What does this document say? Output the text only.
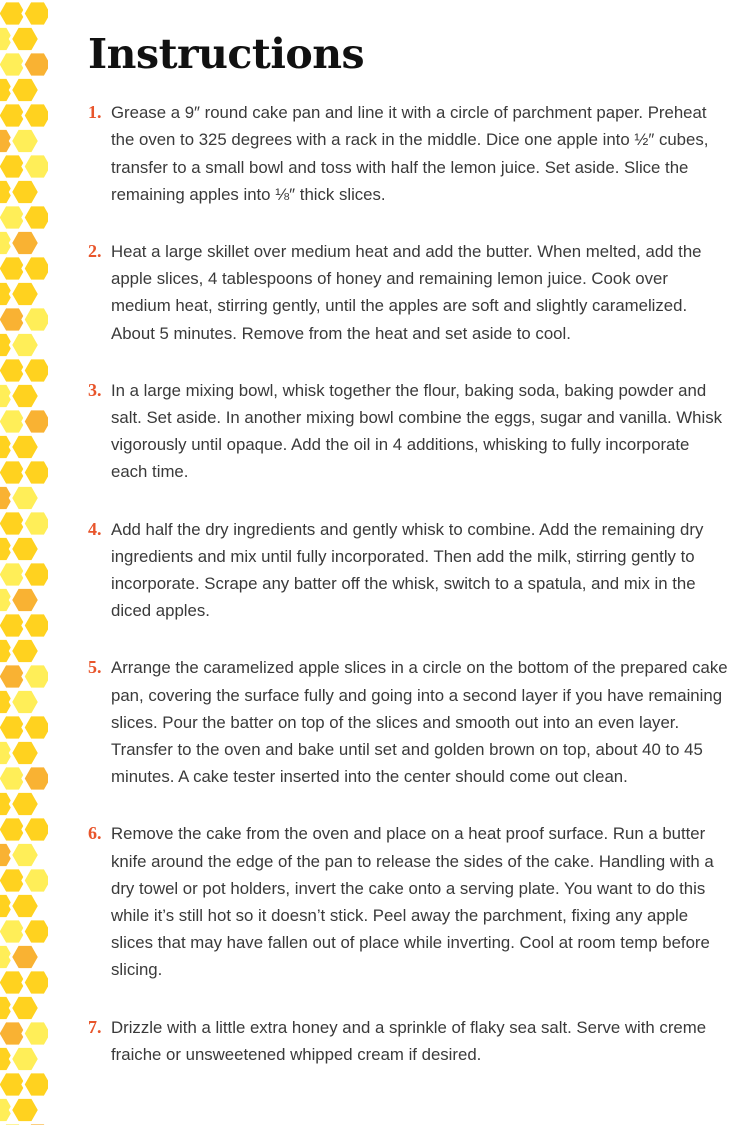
Instructions
1. Grease a 9″ round cake pan and line it with a circle of parchment paper. Preheat the oven to 325 degrees with a rack in the middle. Dice one apple into ½″ cubes, transfer to a small bowl and toss with half the lemon juice. Set aside. Slice the remaining apples into ⅛″ thick slices.
2. Heat a large skillet over medium heat and add the butter. When melted, add the apple slices, 4 tablespoons of honey and remaining lemon juice. Cook over medium heat, stirring gently, until the apples are soft and slightly caramelized. About 5 minutes. Remove from the heat and set aside to cool.
3. In a large mixing bowl, whisk together the flour, baking soda, baking powder and salt. Set aside. In another mixing bowl combine the eggs, sugar and vanilla. Whisk vigorously until opaque. Add the oil in 4 additions, whisking to fully incorporate each time.
4. Add half the dry ingredients and gently whisk to combine. Add the remaining dry ingredients and mix until fully incorporated. Then add the milk, stirring gently to incorporate. Scrape any batter off the whisk, switch to a spatula, and mix in the diced apples.
5. Arrange the caramelized apple slices in a circle on the bottom of the prepared cake pan, covering the surface fully and going into a second layer if you have remaining slices. Pour the batter on top of the slices and smooth out into an even layer. Transfer to the oven and bake until set and golden brown on top, about 40 to 45 minutes. A cake tester inserted into the center should come out clean.
6. Remove the cake from the oven and place on a heat proof surface. Run a butter knife around the edge of the pan to release the sides of the cake. Handling with a dry towel or pot holders, invert the cake onto a serving plate. You want to do this while it’s still hot so it doesn’t stick. Peel away the parchment, fixing any apple slices that may have fallen out of place while inverting. Cool at room temp before slicing.
7. Drizzle with a little extra honey and a sprinkle of flaky sea salt. Serve with creme fraiche or unsweetened whipped cream if desired.
